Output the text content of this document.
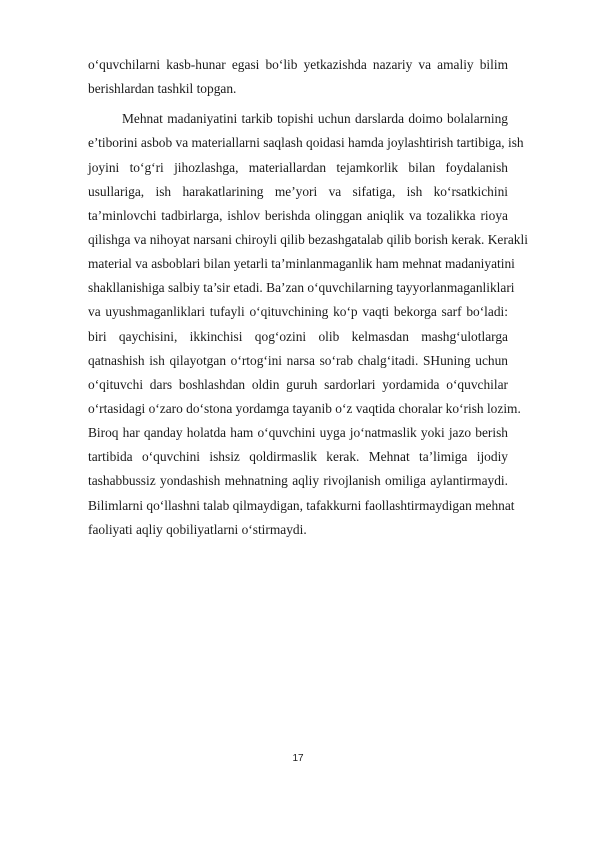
o‘quvchilarni kasb-hunar egasi bo‘lib yetkazishda nazariy va amaliy bilim
berishlardan tashkil topgan.
Mehnat madaniyatini tarkib topishi uchun darslarda doimo bolalarning
e’tiborini asbob va materiallarni saqlash qoidasi hamda joylashtirish tartibiga, ish
joyini to‘g‘ri jihozlashga, materiallardan tejamkorlik bilan foydalanish
usullariga, ish harakatlarining me’yori va sifatiga, ish ko‘rsatkichini
ta’minlovchi tadbirlarga, ishlov berishda olinggan aniqlik va tozalikka rioya
qilishga va nihoyat narsani chiroyli qilib bezashgatalab qilib borish kerak. Kerakli
material va asboblari bilan yetarli ta’minlanmaganlik ham mehnat madaniyatini
shakllanishiga salbiy ta’sir etadi. Ba’zan o‘quvchilarning tayyorlanmaganliklari
va uyushmaganliklari tufayli o‘qituvchining ko‘p vaqti bekorga sarf bo‘ladi:
biri qaychisini, ikkinchisi qog‘ozini olib kelmasdan mashg‘ulotlarga
qatnashish ish qilayotgan o‘rtog‘ini narsa so‘rab chalg‘itadi. SHuning uchun
o‘qituvchi dars boshlashdan oldin guruh sardorlari yordamida o‘quvchilar
o‘rtasidagi o‘zaro do‘stona yordamga tayanib o‘z vaqtida choralar ko‘rish lozim.
Biroq har qanday holatda ham o‘quvchini uyga jo‘natmaslik yoki jazo berish
tartibida o‘quvchini ishsiz qoldirmaslik kerak. Mehnat ta’limiga ijodiy
tashabbussiz yondashish mehnatning aqliy rivojlanish omiliga aylantirmaydi.
Bilimlarni qo‘llashni talab qilmaydigan, tafakkurni faollashtirmaydigan mehnat
faoliyati aqliy qobiliyatlarni o‘stirmaydi.
17
